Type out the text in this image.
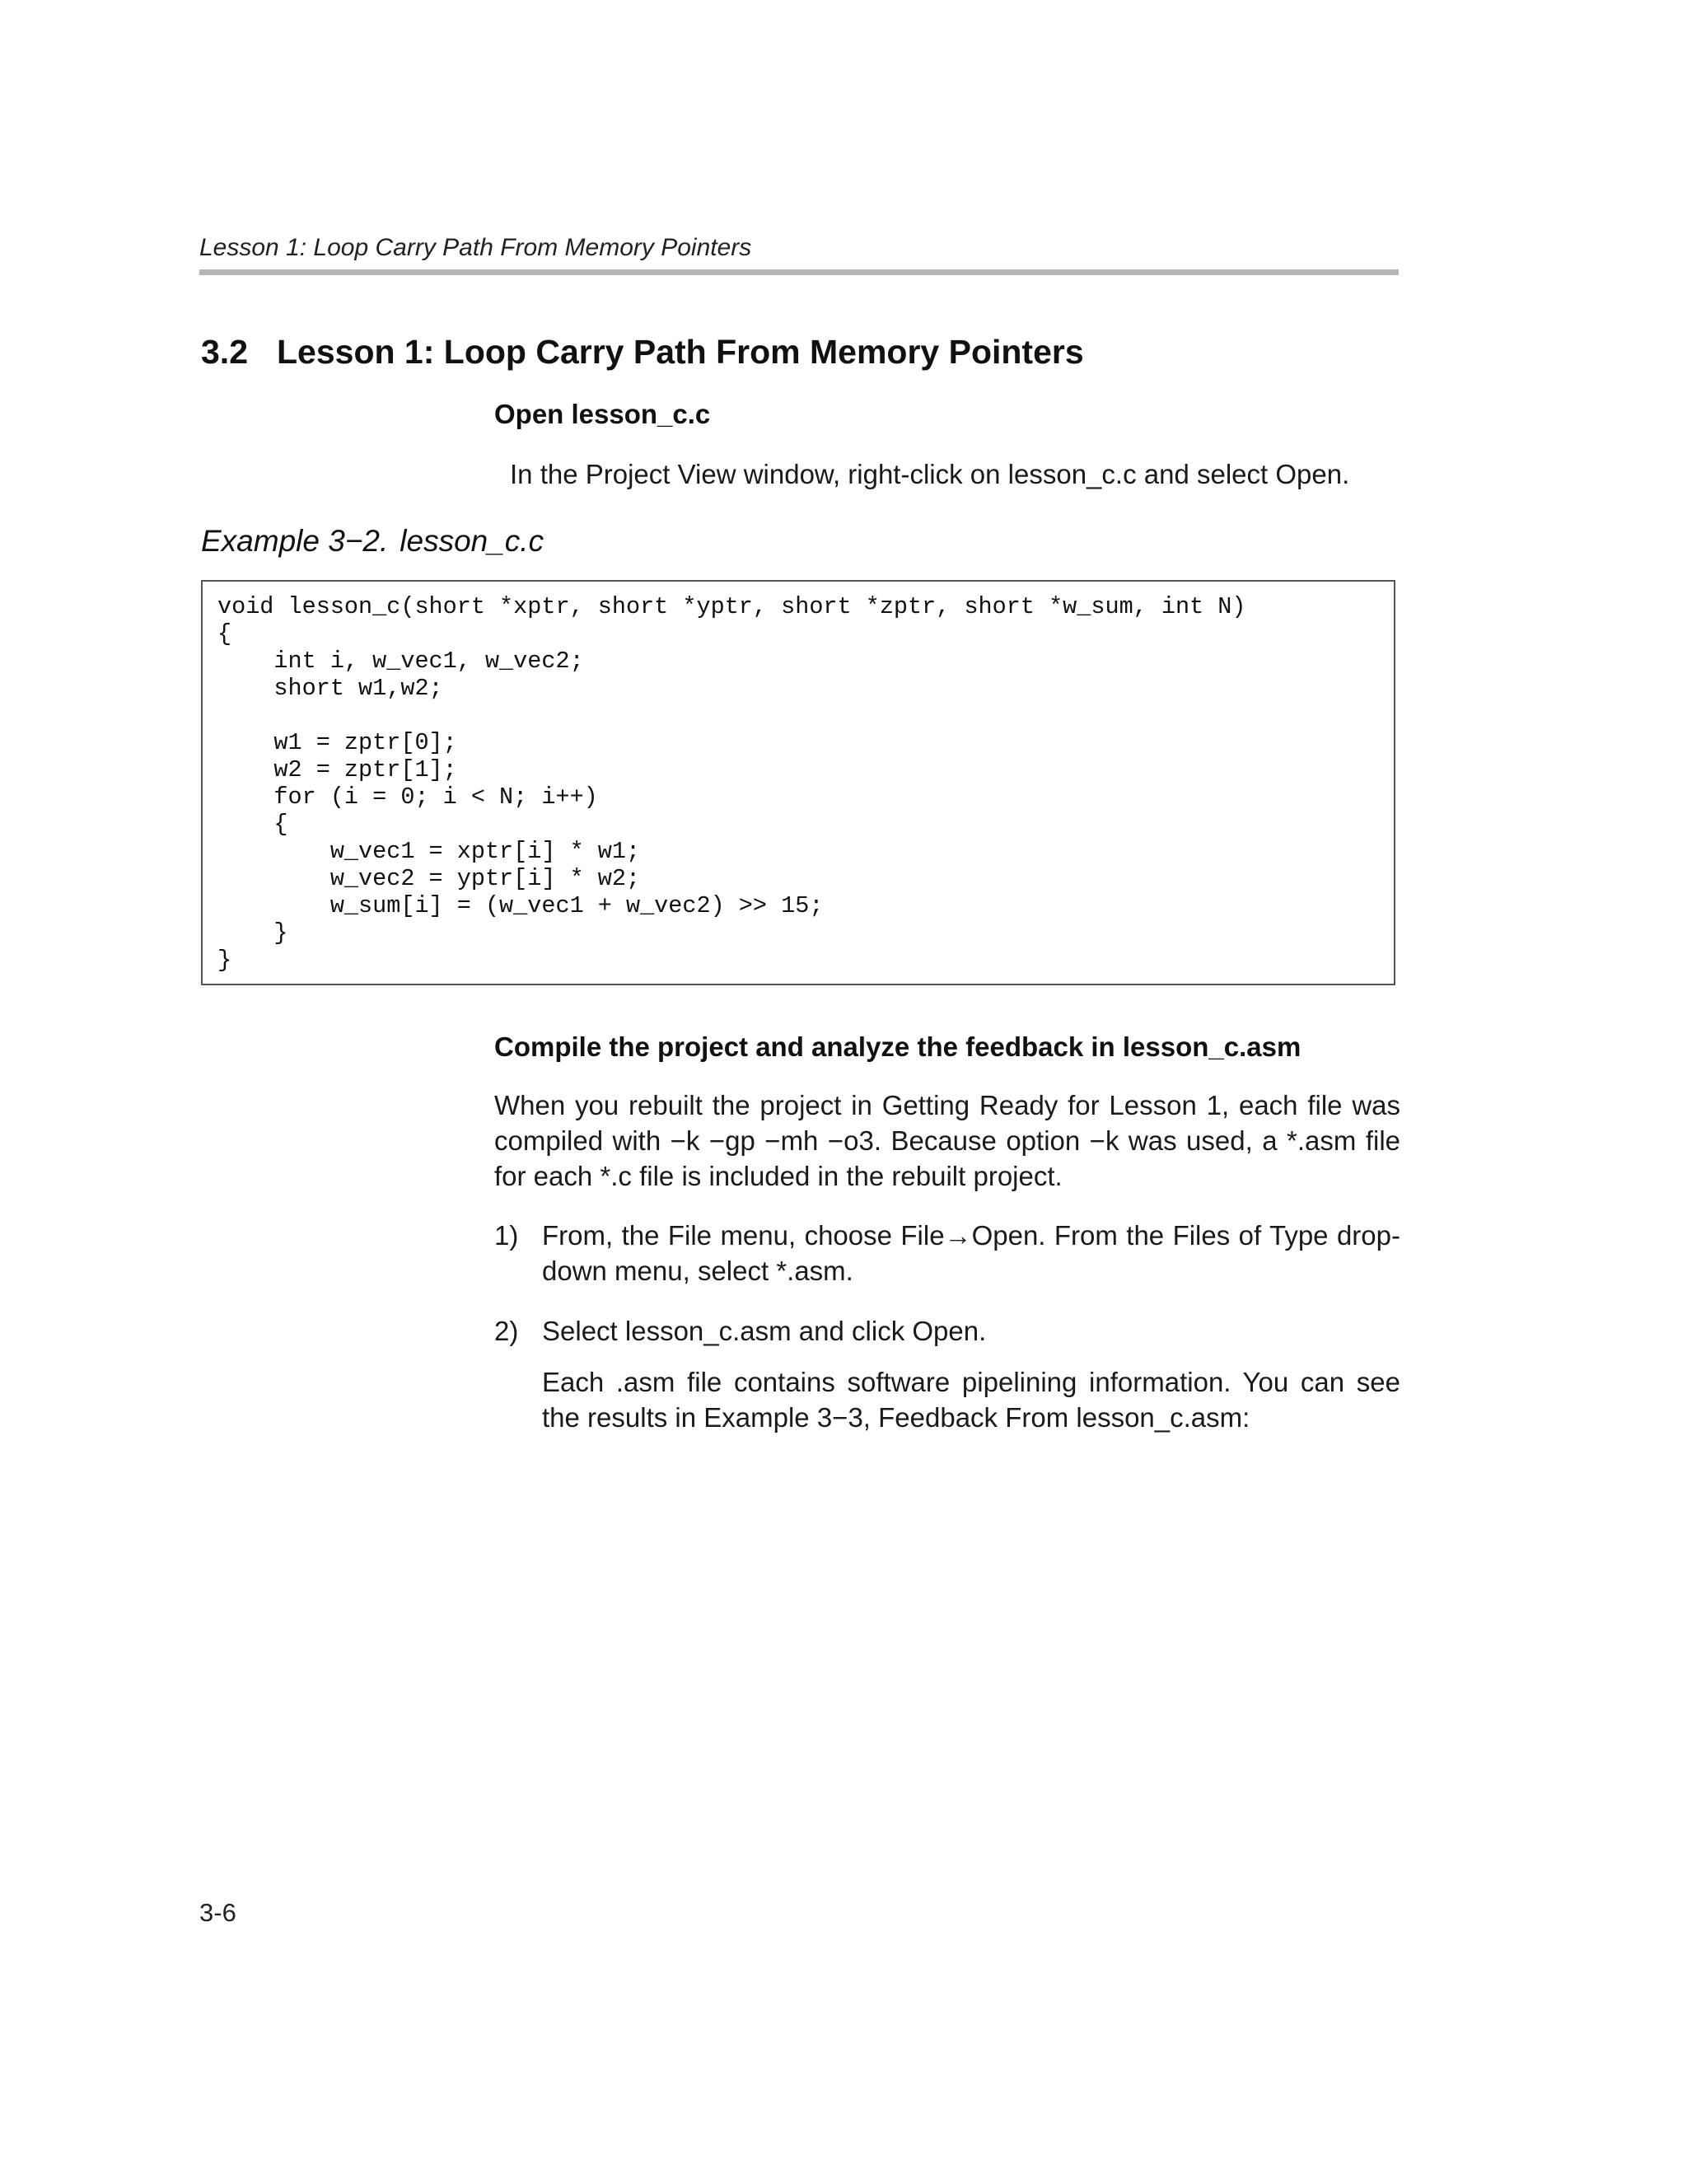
Lesson 1: Loop Carry Path From Memory Pointers
3.2 Lesson 1: Loop Carry Path From Memory Pointers
Open lesson_c.c
In the Project View window, right-click on lesson_c.c and select Open.
Example 3−2. lesson_c.c
void lesson_c(short *xptr, short *yptr, short *zptr, short *w_sum, int N)
{
int i, w_vec1, w_vec2;
short w1,w2;
w1 = zptr[0];
w2 = zptr[1];
for (i = 0; i < N; i++)
{
w_vec1 = xptr[i] * w1;
w_vec2 = yptr[i] * w2;
w_sum[i] = (w_vec1 + w_vec2) >> 15;
}
}
Compile the project and analyze the feedback in lesson_c.asm
When you rebuilt the project in Getting Ready for Lesson 1, each file was compiled with −k −gp −mh −o3. Because option −k was used, a *.asm file for each *.c file is included in the rebuilt project.
1) From, the File menu, choose File→Open. From the Files of Type drop-down menu, select *.asm.
2) Select lesson_c.asm and click Open.
Each .asm file contains software pipelining information. You can see the results in Example 3−3, Feedback From lesson_c.asm:
3-6
